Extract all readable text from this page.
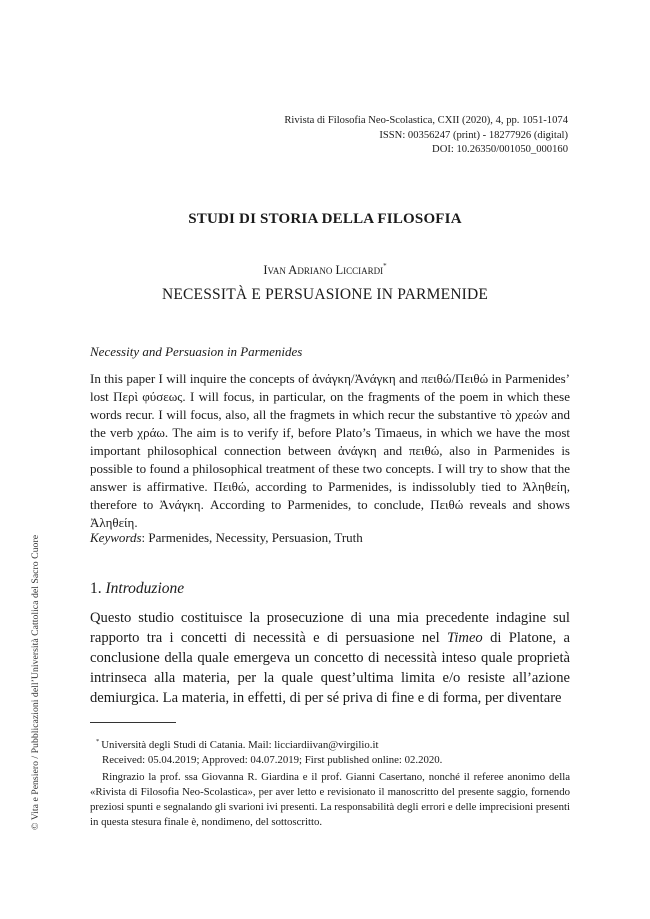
Rivista di Filosofia Neo-Scolastica, CXII (2020), 4, pp. 1051-1074
ISSN: 00356247 (print) - 18277926 (digital)
DOI: 10.26350/001050_000160
STUDI DI STORIA DELLA FILOSOFIA
Ivan Adriano Licciardi*
NECESSITÀ E PERSUASIONE IN PARMENIDE
Necessity and Persuasion in Parmenides
In this paper I will inquire the concepts of ἀνάγκη/Ἀνάγκη and πειθώ/Πειθώ in Parmenides’ lost Περὶ φύσεως. I will focus, in particular, on the fragments of the poem in which these words recur. I will focus, also, all the fragmets in which recur the substantive τὸ χρεών and the verb χράω. The aim is to verify if, before Plato’s Timaeus, in which we have the most important philosophical connection between ἀνάγκη and πειθώ, also in Parmenides is possible to found a philosophical treatment of these two concepts. I will try to show that the answer is affirmative. Πειθώ, according to Parmenides, is indissolubly tied to Ἀληθείη, therefore to Ἀνάγκη. According to Parmenides, to conclude, Πειθώ reveals and shows Ἀληθείη.
Keywords: Parmenides, Necessity, Persuasion, Truth
1. Introduzione
Questo studio costituisce la prosecuzione di una mia precedente indagine sul rapporto tra i concetti di necessità e di persuasione nel Timeo di Platone, a conclusione della quale emergeva un concetto di necessità inteso quale proprietà intrinseca alla materia, per la quale quest’ultima limita e/o resiste all’azione demiurgica. La materia, in effetti, di per sé priva di fine e di forma, per diventare
* Università degli Studi di Catania. Mail: licciardiivan@virgilio.it
Received: 05.04.2019; Approved: 04.07.2019; First published online: 02.2020.
Ringrazio la prof. ssa Giovanna R. Giardina e il prof. Gianni Casertano, nonché il referee anonimo della «Rivista di Filosofia Neo-Scolastica», per aver letto e revisionato il manoscritto del presente saggio, fornendo preziosi spunti e segnalando gli svarioni ivi presenti. La responsabilità degli errori e delle imprecisioni presenti in questa stesura finale è, nondimeno, del sottoscritto.
© Vita e Pensiero / Pubblicazioni dell’Università Cattolica del Sacro Cuore
